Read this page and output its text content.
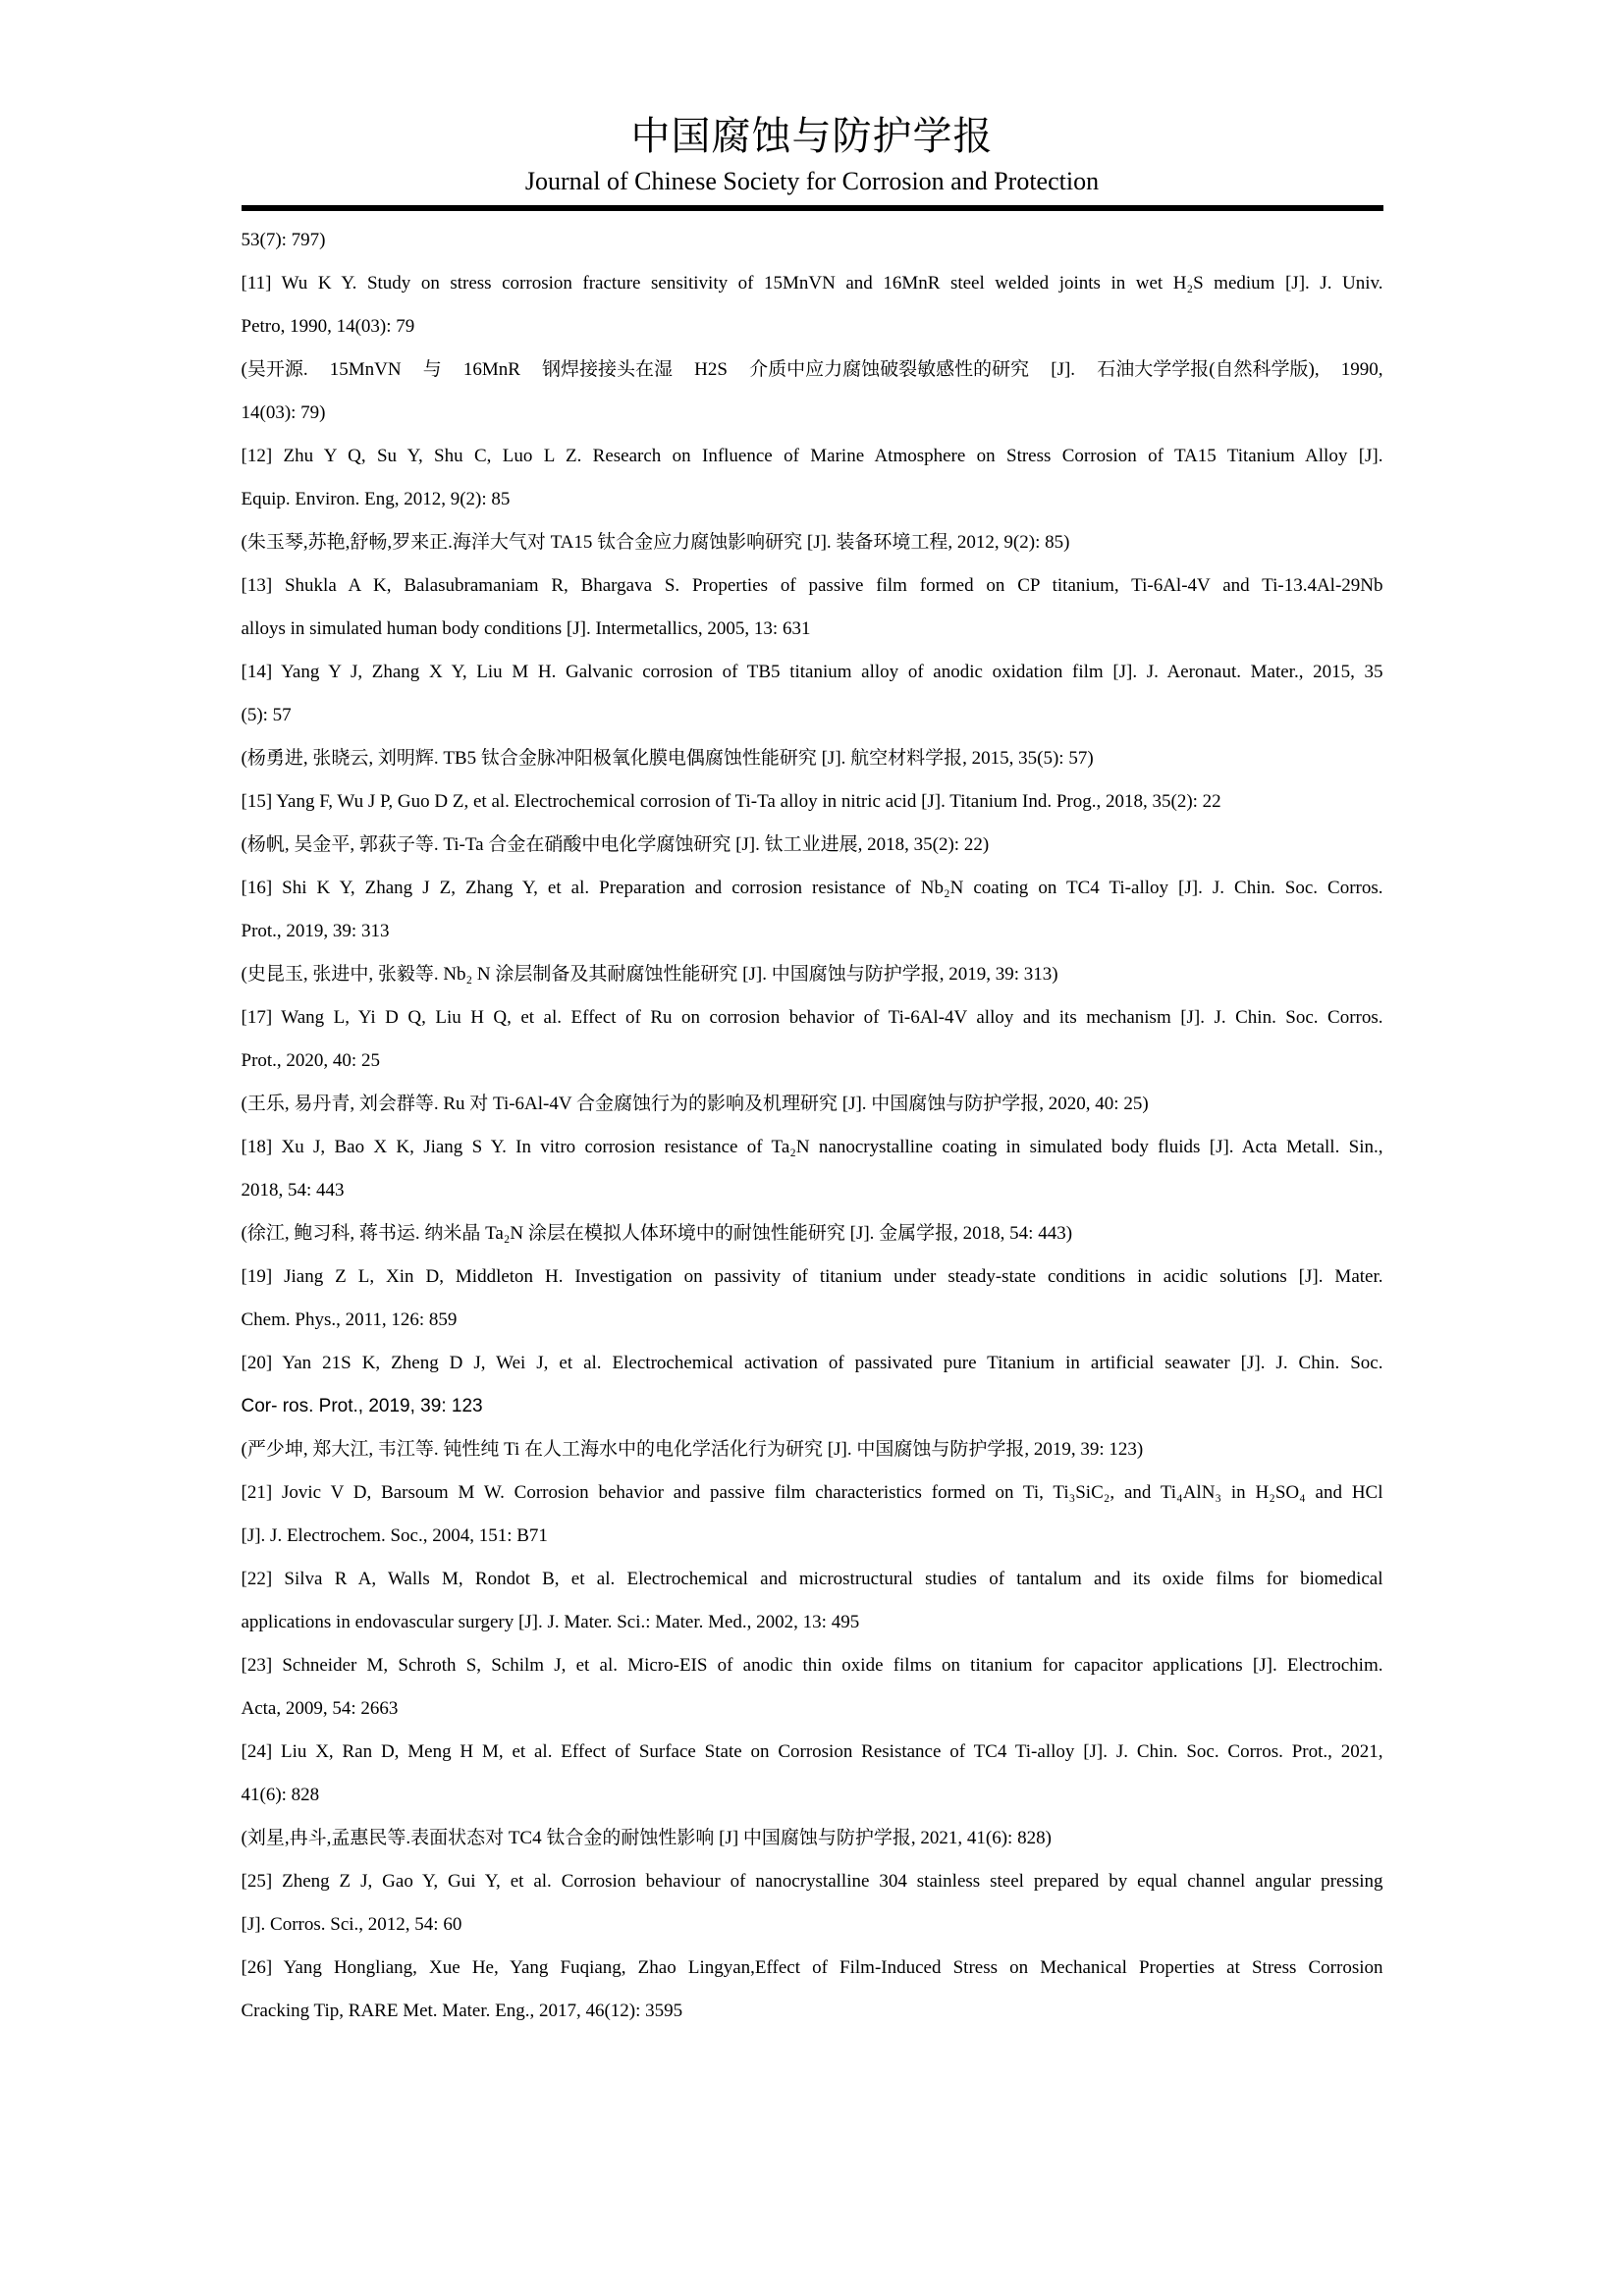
中国腐蚀与防护学报
Journal of Chinese Society for Corrosion and Protection
53(7): 797)
[11] Wu K Y. Study on stress corrosion fracture sensitivity of 15MnVN and 16MnR steel welded joints in wet H₂S medium [J]. J. Univ.
Petro, 1990, 14(03): 79
(吴开源. 15MnVN 与 16MnR 钢焊接接头在湿 H2S 介质中应力腐蚀破裂敏感性的研究 [J]. 石油大学学报(自然科学版), 1990,
14(03): 79)
[12] Zhu Y Q, Su Y, Shu C, Luo L Z. Research on Influence of Marine Atmosphere on Stress Corrosion of TA15 Titanium Alloy [J].
Equip. Environ. Eng, 2012, 9(2): 85
(朱玉琴,苏艳,舒畅,罗来正.海洋大气对 TA15 钛合金应力腐蚀影响研究 [J]. 装备环境工程, 2012, 9(2): 85)
[13] Shukla A K, Balasubramaniam R, Bhargava S. Properties of passive film formed on CP titanium, Ti-6Al-4V and Ti-13.4Al-29Nb
alloys in simulated human body conditions [J]. Intermetallics, 2005, 13: 631
[14] Yang Y J, Zhang X Y, Liu M H. Galvanic corrosion of TB5 titanium alloy of anodic oxidation film [J]. J. Aeronaut. Mater., 2015, 35
(5): 57
(杨勇进, 张晓云, 刘明辉. TB5 钛合金脉冲阳极氧化膜电偶腐蚀性能研究 [J]. 航空材料学报, 2015, 35(5): 57)
[15] Yang F, Wu J P, Guo D Z, et al. Electrochemical corrosion of Ti-Ta alloy in nitric acid [J]. Titanium Ind. Prog., 2018, 35(2): 22
(杨帆, 吴金平, 郭荻子等. Ti-Ta 合金在硝酸中电化学腐蚀研究 [J]. 钛工业进展, 2018, 35(2): 22)
[16] Shi K Y, Zhang J Z, Zhang Y, et al. Preparation and corrosion resistance of Nb₂N coating on TC4 Ti-alloy [J]. J. Chin. Soc. Corros.
Prot., 2019, 39: 313
(史昆玉, 张进中, 张毅等. Nb₂ N 涂层制备及其耐腐蚀性能研究 [J]. 中国腐蚀与防护学报, 2019, 39: 313)
[17] Wang L, Yi D Q, Liu H Q, et al. Effect of Ru on corrosion behavior of Ti-6Al-4V alloy and its mechanism [J]. J. Chin. Soc. Corros.
Prot., 2020, 40: 25
(王乐, 易丹青, 刘会群等. Ru 对 Ti-6Al-4V 合金腐蚀行为的影响及机理研究 [J]. 中国腐蚀与防护学报, 2020, 40: 25)
[18] Xu J, Bao X K, Jiang S Y. In vitro corrosion resistance of Ta₂N nanocrystalline coating in simulated body fluids [J]. Acta Metall. Sin.,
2018, 54: 443
(徐江, 鲍习科, 蒋书运. 纳米晶 Ta₂N 涂层在模拟人体环境中的耐蚀性能研究 [J]. 金属学报, 2018, 54: 443)
[19] Jiang Z L, Xin D, Middleton H. Investigation on passivity of titanium under steady-state conditions in acidic solutions [J]. Mater.
Chem. Phys., 2011, 126: 859
[20] Yan 21S K, Zheng D J, Wei J, et al. Electrochemical activation of passivated pure Titanium in artificial seawater [J]. J. Chin. Soc.
Cor- ros. Prot., 2019, 39: 123
(严少坤, 郑大江, 韦江等. 钝性纯 Ti 在人工海水中的电化学活化行为研究 [J]. 中国腐蚀与防护学报, 2019, 39: 123)
[21] Jovic V D, Barsoum M W. Corrosion behavior and passive film characteristics formed on Ti, Ti₃SiC₂, and Ti₄AlN₃ in H₂SO₄ and HCl
[J]. J. Electrochem. Soc., 2004, 151: B71
[22] Silva R A, Walls M, Rondot B, et al. Electrochemical and microstructural studies of tantalum and its oxide films for biomedical
applications in endovascular surgery [J]. J. Mater. Sci.: Mater. Med., 2002, 13: 495
[23] Schneider M, Schroth S, Schilm J, et al. Micro-EIS of anodic thin oxide films on titanium for capacitor applications [J]. Electrochim.
Acta, 2009, 54: 2663
[24] Liu X, Ran D, Meng H M, et al. Effect of Surface State on Corrosion Resistance of TC4 Ti-alloy [J]. J. Chin. Soc. Corros. Prot., 2021,
41(6): 828
(刘星,冉斗,孟惠民等.表面状态对 TC4 钛合金的耐蚀性影响 [J] 中国腐蚀与防护学报, 2021, 41(6): 828)
[25] Zheng Z J, Gao Y, Gui Y, et al. Corrosion behaviour of nanocrystalline 304 stainless steel prepared by equal channel angular pressing
[J]. Corros. Sci., 2012, 54: 60
[26] Yang Hongliang, Xue He, Yang Fuqiang, Zhao Lingyan,Effect of Film-Induced Stress on Mechanical Properties at Stress Corrosion
Cracking Tip, RARE Met. Mater. Eng., 2017, 46(12): 3595
